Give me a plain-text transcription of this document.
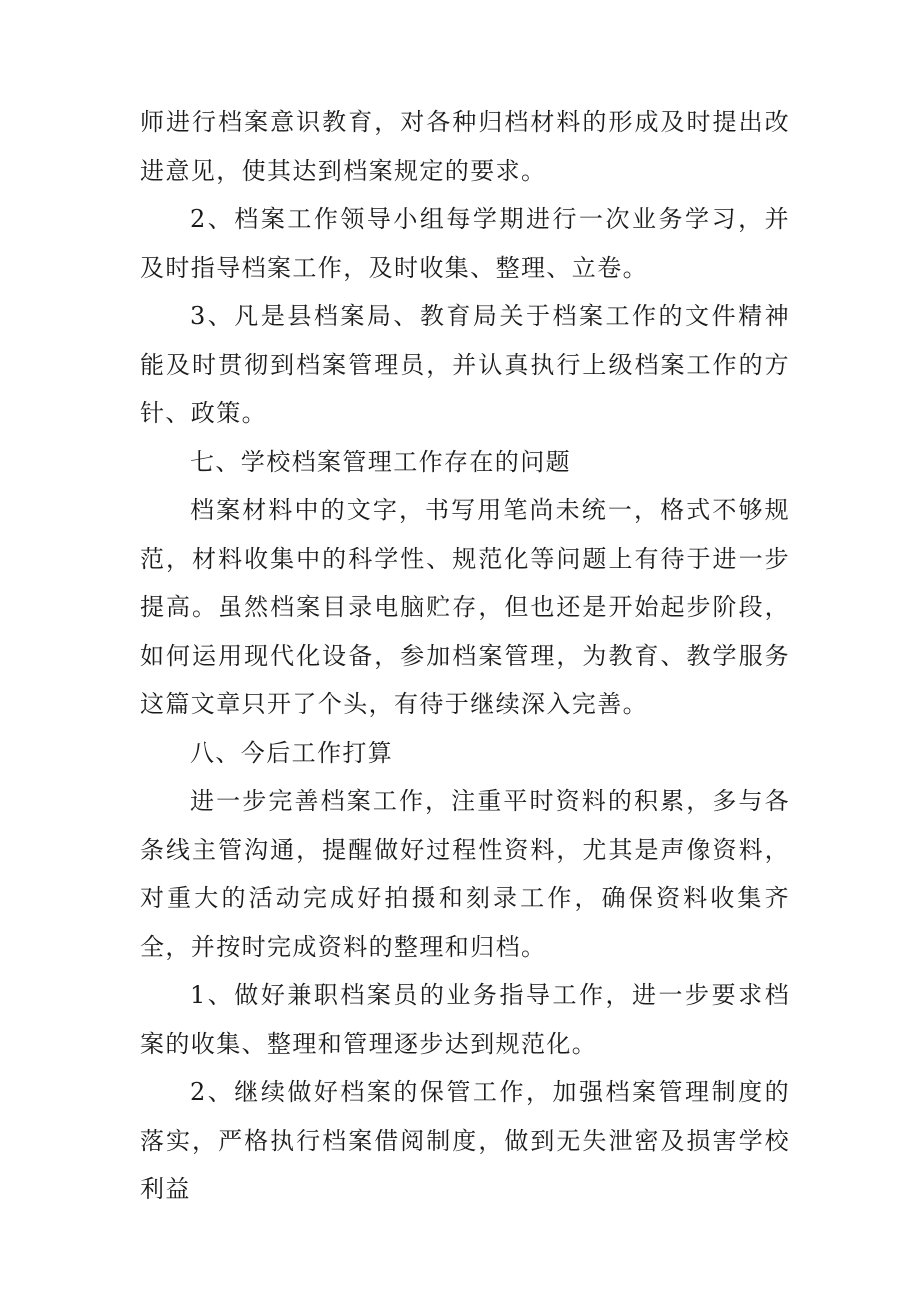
师进行档案意识教育，对各种归档材料的形成及时提出改进意见，使其达到档案规定的要求。

2、档案工作领导小组每学期进行一次业务学习，并及时指导档案工作，及时收集、整理、立卷。

3、凡是县档案局、教育局关于档案工作的文件精神能及时贯彻到档案管理员，并认真执行上级档案工作的方针、政策。

七、学校档案管理工作存在的问题

档案材料中的文字，书写用笔尚未统一，格式不够规范，材料收集中的科学性、规范化等问题上有待于进一步提高。虽然档案目录电脑贮存，但也还是开始起步阶段，如何运用现代化设备，参加档案管理，为教育、教学服务这篇文章只开了个头，有待于继续深入完善。

八、今后工作打算

进一步完善档案工作，注重平时资料的积累，多与各条线主管沟通，提醒做好过程性资料，尤其是声像资料，对重大的活动完成好拍摄和刻录工作，确保资料收集齐全，并按时完成资料的整理和归档。

1、做好兼职档案员的业务指导工作，进一步要求档案的收集、整理和管理逐步达到规范化。

2、继续做好档案的保管工作，加强档案管理制度的落实，严格执行档案借阅制度，做到无失泄密及损害学校利益
